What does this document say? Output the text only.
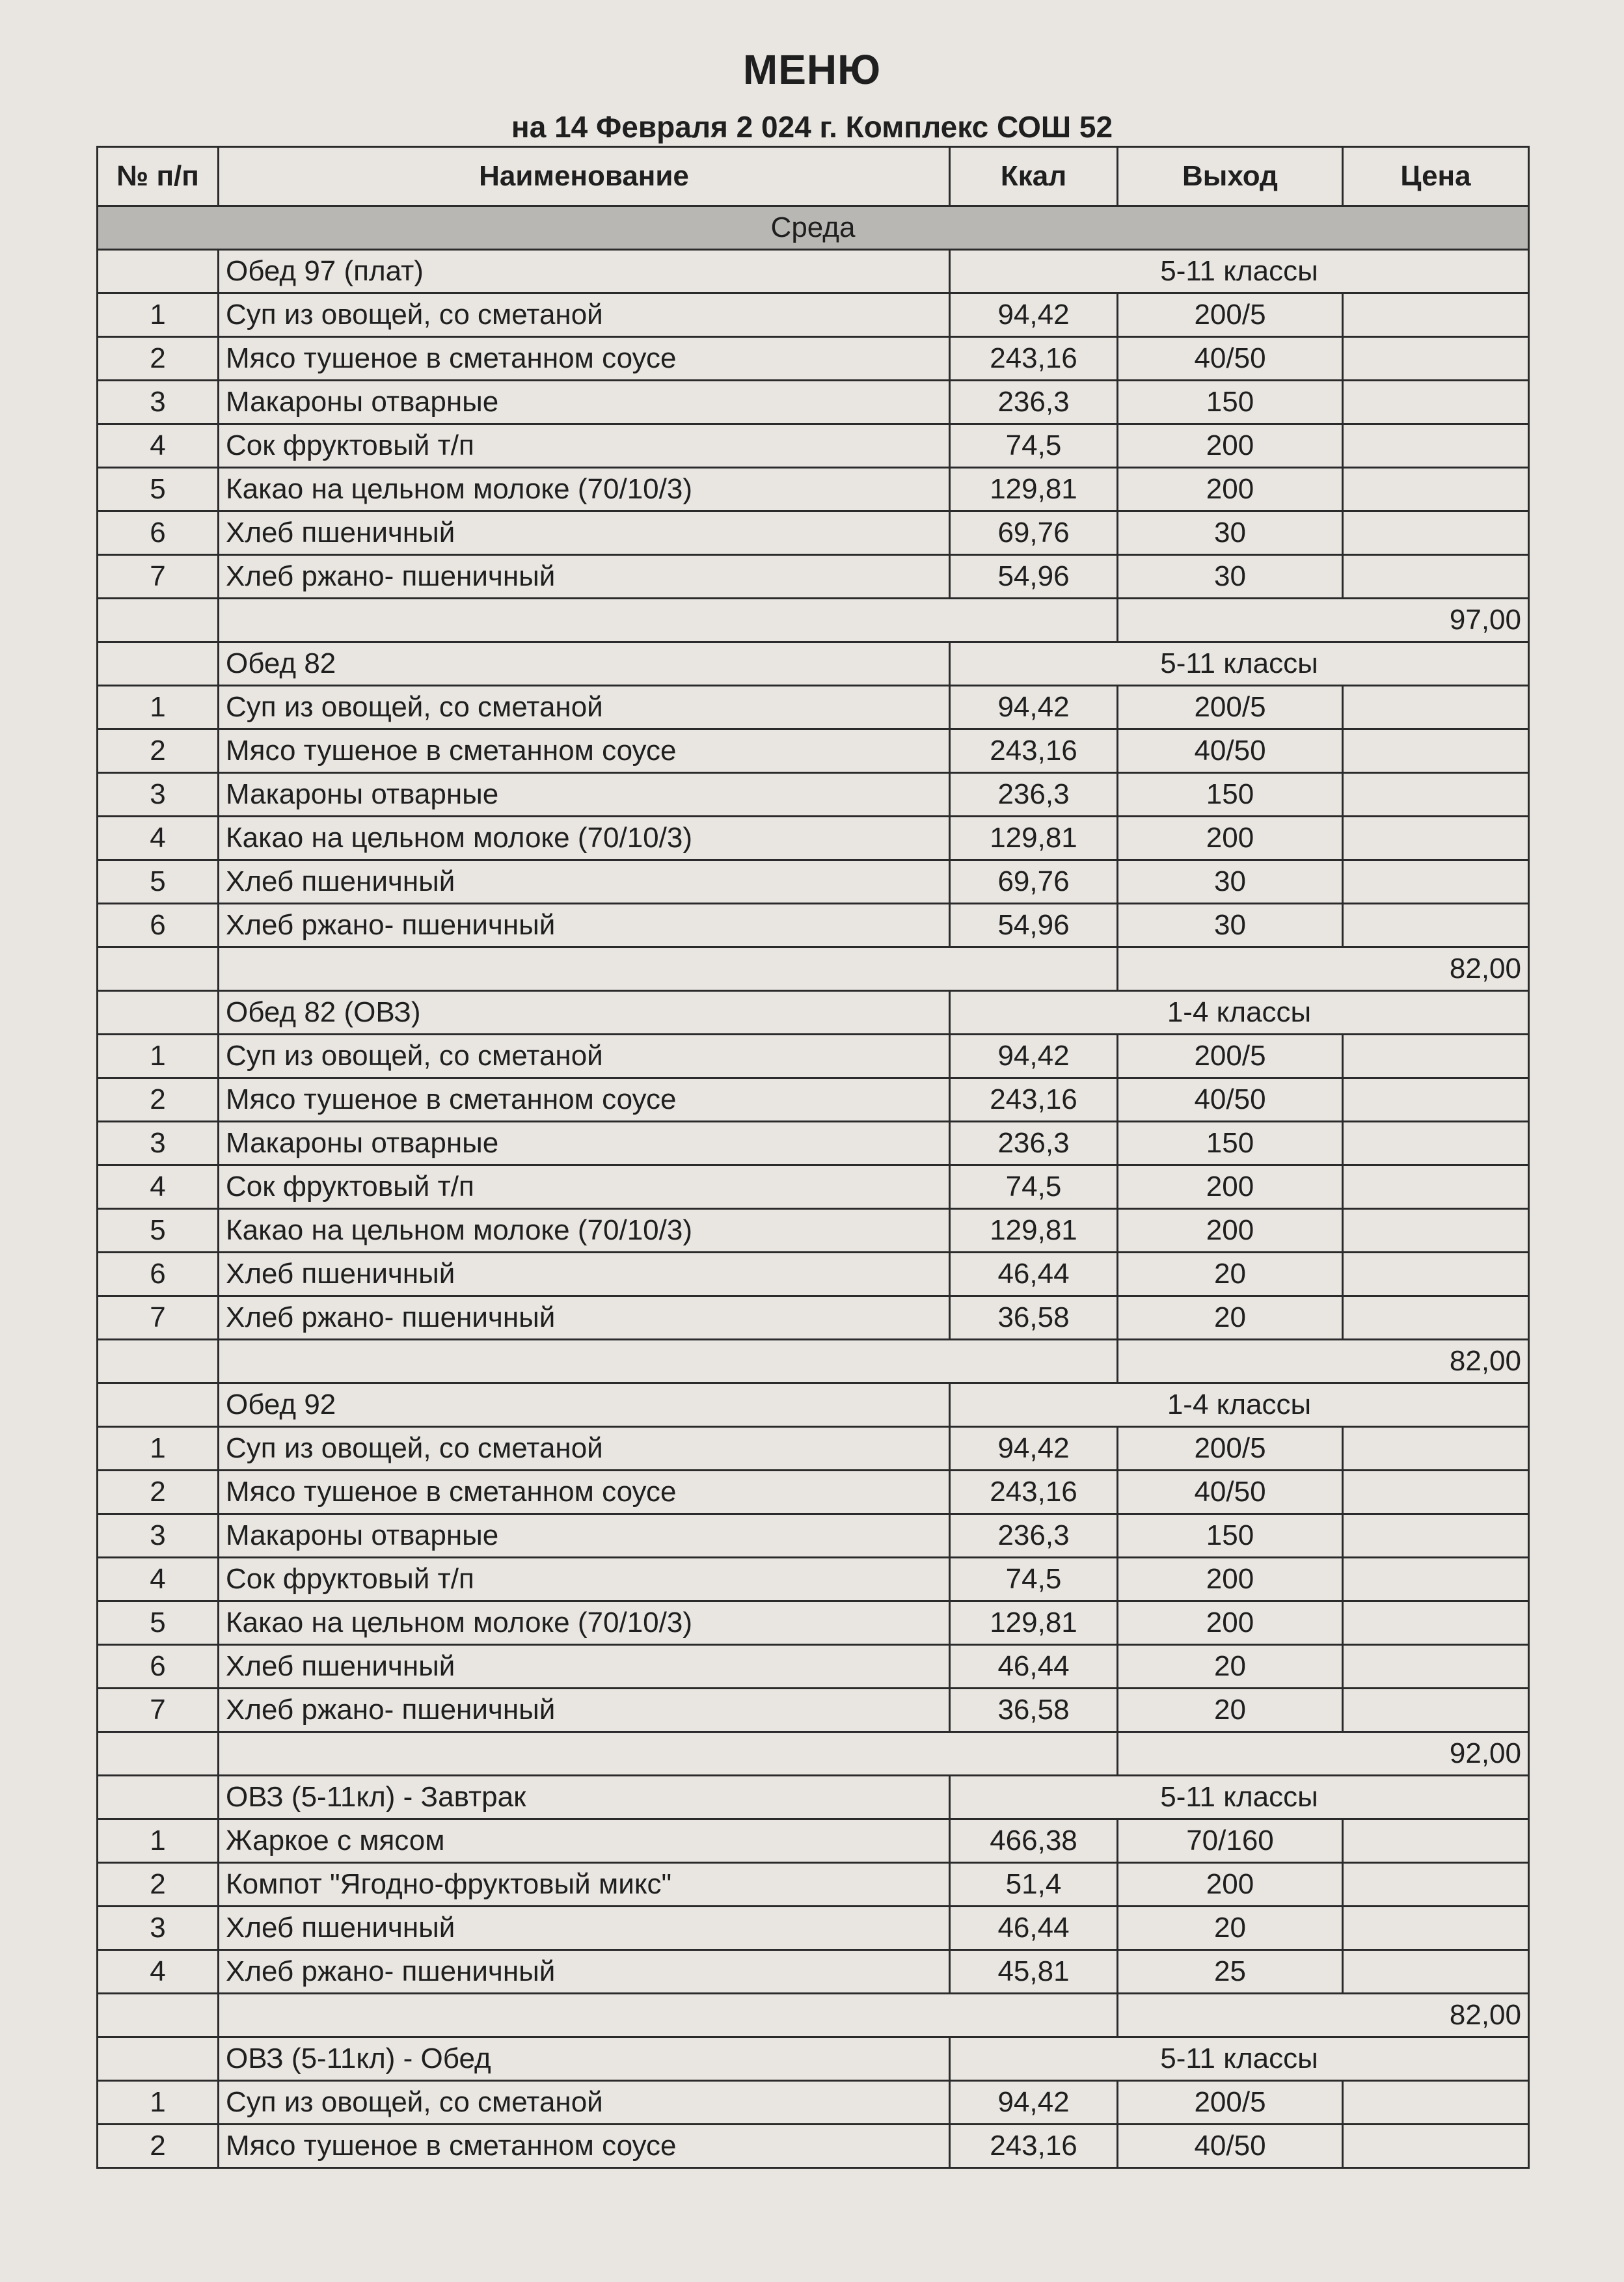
МЕНЮ
на 14 Февраля 2 024 г. Комплекс СОШ 52
№ п/п	Наименование	Ккал	Выход	Цена
Среда				
	Обед 97 (плат)	5-11 классы		
1	Суп из овощей, со сметаной	94,42	200/5	
2	Мясо тушеное в сметанном соусе	243,16	40/50	
3	Макароны отварные	236,3	150	
4	Сок фруктовый т/п	74,5	200	
5	Какао на цельном молоке (70/10/3)	129,81	200	
6	Хлеб пшеничный	69,76	30	
7	Хлеб ржано- пшеничный	54,96	30	
			97,00	
	Обед 82	5-11 классы		
1	Суп из овощей, со сметаной	94,42	200/5	
2	Мясо тушеное в сметанном соусе	243,16	40/50	
3	Макароны отварные	236,3	150	
4	Какао на цельном молоке (70/10/3)	129,81	200	
5	Хлеб пшеничный	69,76	30	
6	Хлеб ржано- пшеничный	54,96	30	
			82,00	
	Обед 82 (ОВЗ)	1-4 классы		
1	Суп из овощей, со сметаной	94,42	200/5	
2	Мясо тушеное в сметанном соусе	243,16	40/50	
3	Макароны отварные	236,3	150	
4	Сок фруктовый т/п	74,5	200	
5	Какао на цельном молоке (70/10/3)	129,81	200	
6	Хлеб пшеничный	46,44	20	
7	Хлеб ржано- пшеничный	36,58	20	
			82,00	
	Обед 92	1-4 классы		
1	Суп из овощей, со сметаной	94,42	200/5	
2	Мясо тушеное в сметанном соусе	243,16	40/50	
3	Макароны отварные	236,3	150	
4	Сок фруктовый т/п	74,5	200	
5	Какао на цельном молоке (70/10/3)	129,81	200	
6	Хлеб пшеничный	46,44	20	
7	Хлеб ржано- пшеничный	36,58	20	
			92,00	
	ОВЗ (5-11кл) - Завтрак	5-11 классы		
1	Жаркое с мясом	466,38	70/160	
2	Компот "Ягодно-фруктовый микс"	51,4	200	
3	Хлеб пшеничный	46,44	20	
4	Хлеб ржано- пшеничный	45,81	25	
			82,00	
	ОВЗ (5-11кл) - Обед	5-11 классы		
1	Суп из овощей, со сметаной	94,42	200/5	
2	Мясо тушеное в сметанном соусе	243,16	40/50	
